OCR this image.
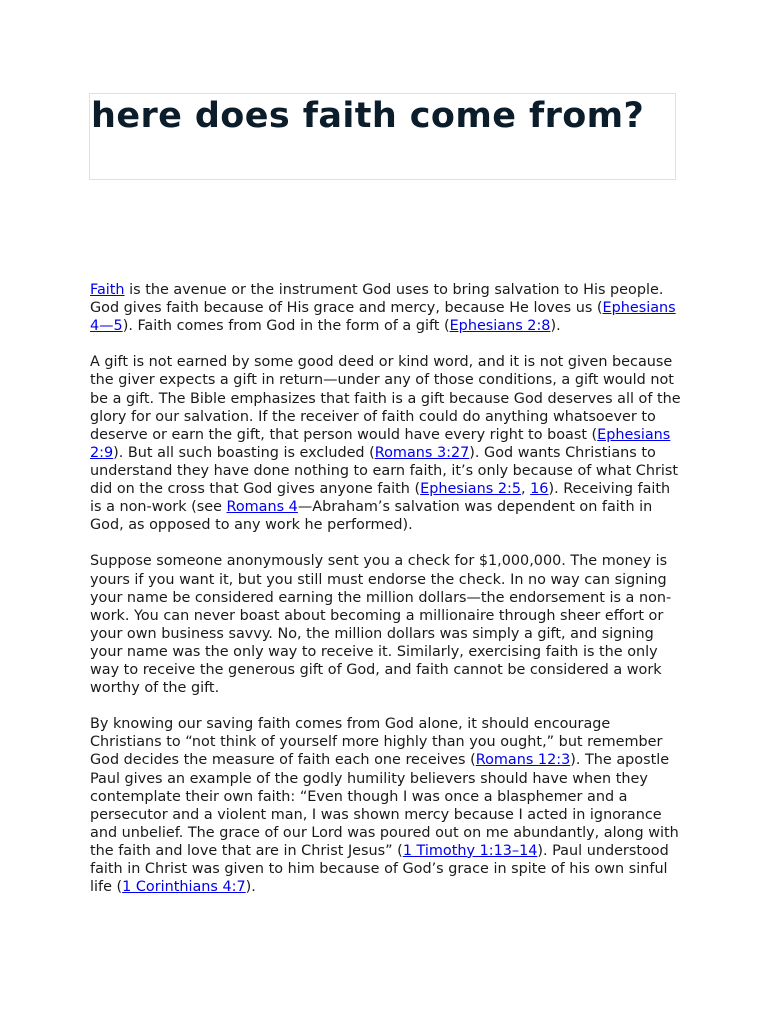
here does faith come from?

Faith is the avenue or the instrument God uses to bring salvation to His people. God gives faith because of His grace and mercy, because He loves us (Ephesians 4—5). Faith comes from God in the form of a gift (Ephesians 2:8).

A gift is not earned by some good deed or kind word, and it is not given because the giver expects a gift in return—under any of those conditions, a gift would not be a gift. The Bible emphasizes that faith is a gift because God deserves all of the glory for our salvation. If the receiver of faith could do anything whatsoever to deserve or earn the gift, that person would have every right to boast (Ephesians 2:9). But all such boasting is excluded (Romans 3:27). God wants Christians to understand they have done nothing to earn faith, it’s only because of what Christ did on the cross that God gives anyone faith (Ephesians 2:5, 16). Receiving faith is a non-work (see Romans 4—Abraham’s salvation was dependent on faith in God, as opposed to any work he performed).

Suppose someone anonymously sent you a check for $1,000,000. The money is yours if you want it, but you still must endorse the check. In no way can signing your name be considered earning the million dollars—the endorsement is a non-work. You can never boast about becoming a millionaire through sheer effort or your own business savvy. No, the million dollars was simply a gift, and signing your name was the only way to receive it. Similarly, exercising faith is the only way to receive the generous gift of God, and faith cannot be considered a work worthy of the gift.

By knowing our saving faith comes from God alone, it should encourage Christians to “not think of yourself more highly than you ought,” but remember God decides the measure of faith each one receives (Romans 12:3). The apostle Paul gives an example of the godly humility believers should have when they contemplate their own faith: “Even though I was once a blasphemer and a persecutor and a violent man, I was shown mercy because I acted in ignorance and unbelief. The grace of our Lord was poured out on me abundantly, along with the faith and love that are in Christ Jesus” (1 Timothy 1:13–14). Paul understood faith in Christ was given to him because of God’s grace in spite of his own sinful life (1 Corinthians 4:7).
